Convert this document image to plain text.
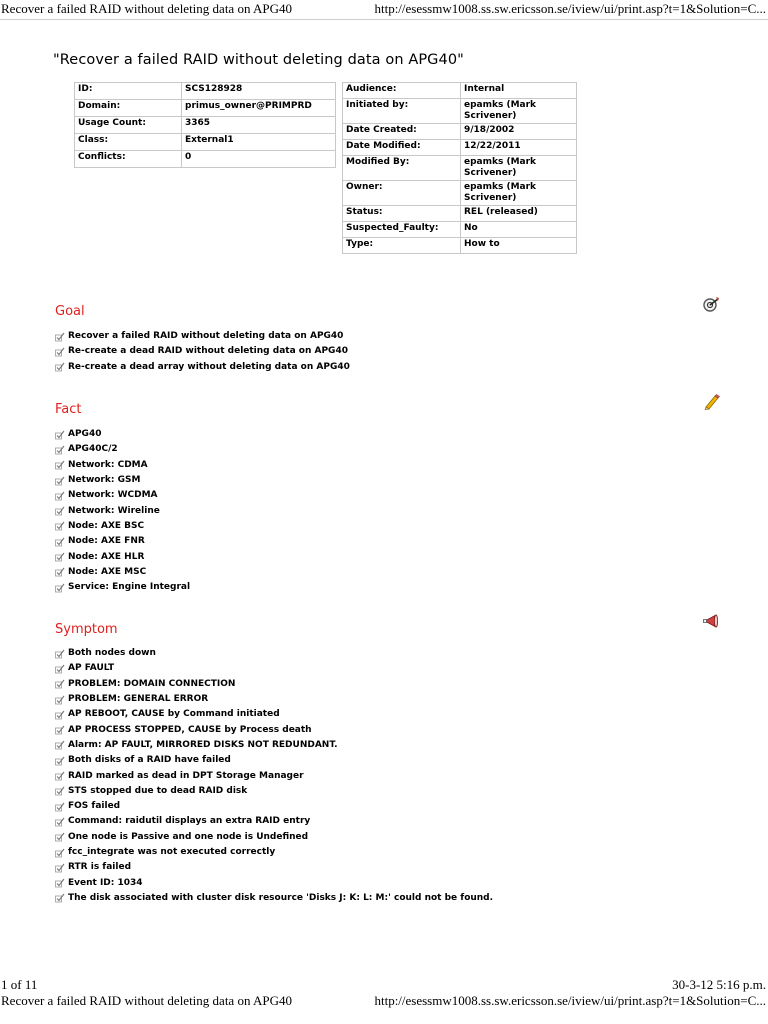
Recover a failed RAID without deleting data on APG40	http://esessmw1008.ss.sw.ericsson.se/iview/ui/print.asp?t=1&Solution=C...
"Recover a failed RAID without deleting data on APG40"
ID:	SCS128928
Domain:	primus_owner@PRIMPRD
Usage Count:	3365
Class:	External1
Conflicts:	0
Audience:	Internal
Initiated by:	epamks (Mark Scrivener)
Date Created:	9/18/2002
Date Modified:	12/22/2011
Modified By:	epamks (Mark Scrivener)
Owner:	epamks (Mark Scrivener)
Status:	REL (released)
Suspected_Faulty:	No
Type:	How to
Goal
Recover a failed RAID without deleting data on APG40
Re-create a dead RAID without deleting data on APG40
Re-create a dead array without deleting data on APG40
Fact
APG40
APG40C/2
Network: CDMA
Network: GSM
Network: WCDMA
Network: Wireline
Node: AXE BSC
Node: AXE FNR
Node: AXE HLR
Node: AXE MSC
Service: Engine Integral
Symptom
Both nodes down
AP FAULT
PROBLEM: DOMAIN CONNECTION
PROBLEM: GENERAL ERROR
AP REBOOT, CAUSE by Command initiated
AP PROCESS STOPPED, CAUSE by Process death
Alarm: AP FAULT, MIRRORED DISKS NOT REDUNDANT.
Both disks of a RAID have failed
RAID marked as dead in DPT Storage Manager
STS stopped due to dead RAID disk
FOS failed
Command: raidutil displays an extra RAID entry
One node is Passive and one node is Undefined
fcc_integrate was not executed correctly
RTR is failed
Event ID: 1034
The disk associated with cluster disk resource 'Disks J: K: L: M:' could not be found.
1 of 11	30-3-12 5:16 p.m.
Recover a failed RAID without deleting data on APG40	http://esessmw1008.ss.sw.ericsson.se/iview/ui/print.asp?t=1&Solution=C...
